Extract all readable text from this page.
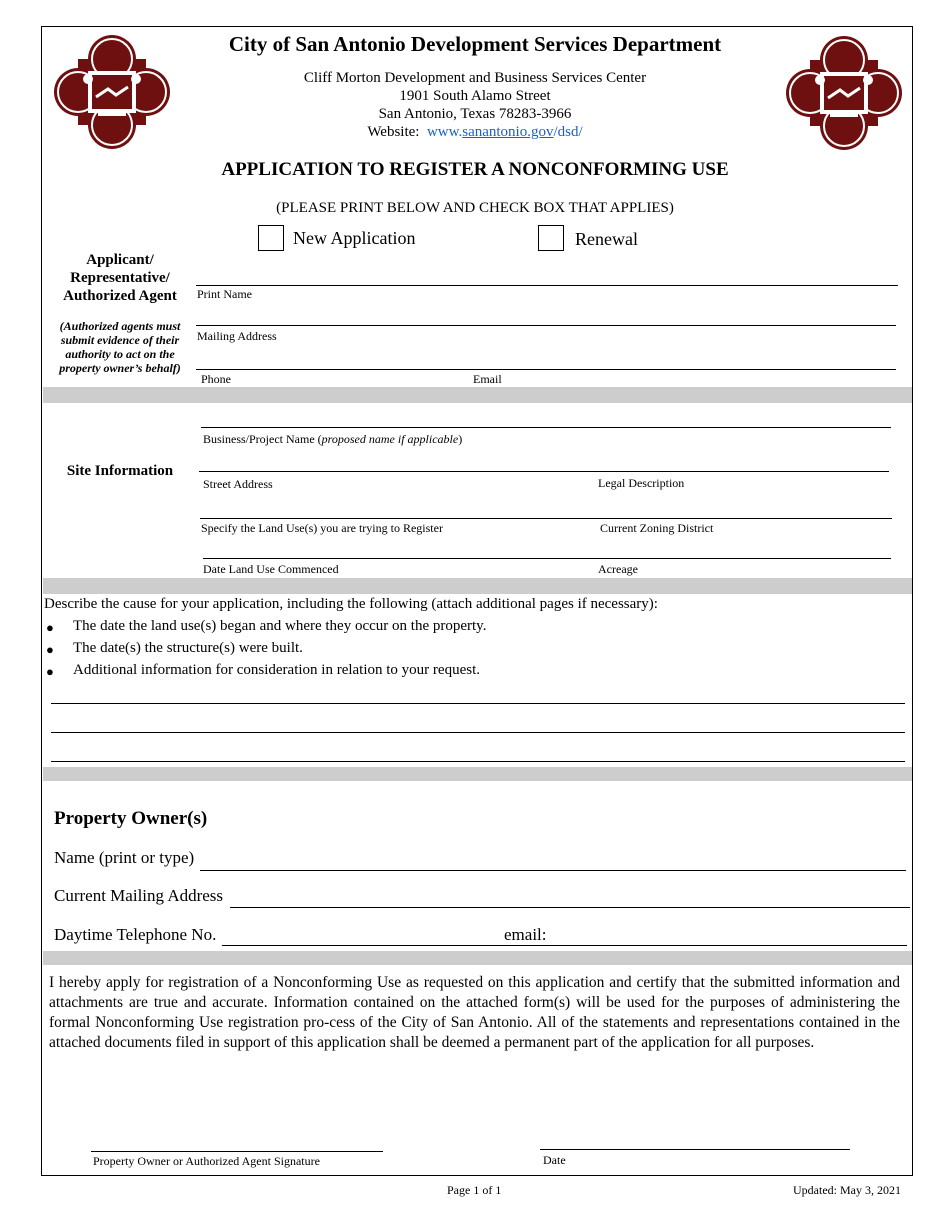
City of San Antonio Development Services Department
Cliff Morton Development and Business Services Center
1901 South Alamo Street
San Antonio, Texas 78283-3966
Website: www.sanantonio.gov/dsd/
APPLICATION TO REGISTER A NONCONFORMING USE
(PLEASE PRINT BELOW AND CHECK BOX THAT APPLIES)
New Application	Renewal
Applicant/
Representative/
Authorized Agent
(Authorized agents must
submit evidence of their
authority to act on the
property owner’s behalf)
Print Name
Mailing Address
Phone	Email
Site Information
Business/Project Name (proposed name if applicable)
Street Address	Legal Description
Specify the Land Use(s) you are trying to Register	Current Zoning District
Date Land Use Commenced	Acreage
Describe the cause for your application, including the following (attach additional pages if necessary):
● The date the land use(s) began and where they occur on the property.
● The date(s) the structure(s) were built.
● Additional information for consideration in relation to your request.
Property Owner(s)
Name (print or type)
Current Mailing Address
Daytime Telephone No.	email:
I hereby apply for registration of a Nonconforming Use as requested on this application and certify that the submitted information and attachments are true and accurate. Information contained on the attached form(s) will be used for the purposes of administering the formal Nonconforming Use registration pro-cess of the City of San Antonio. All of the statements and representations contained in the attached documents filed in support of this application shall be deemed a permanent part of the application for all purposes.
Property Owner or Authorized Agent Signature	Date
Page 1 of 1	Updated: May 3, 2021
